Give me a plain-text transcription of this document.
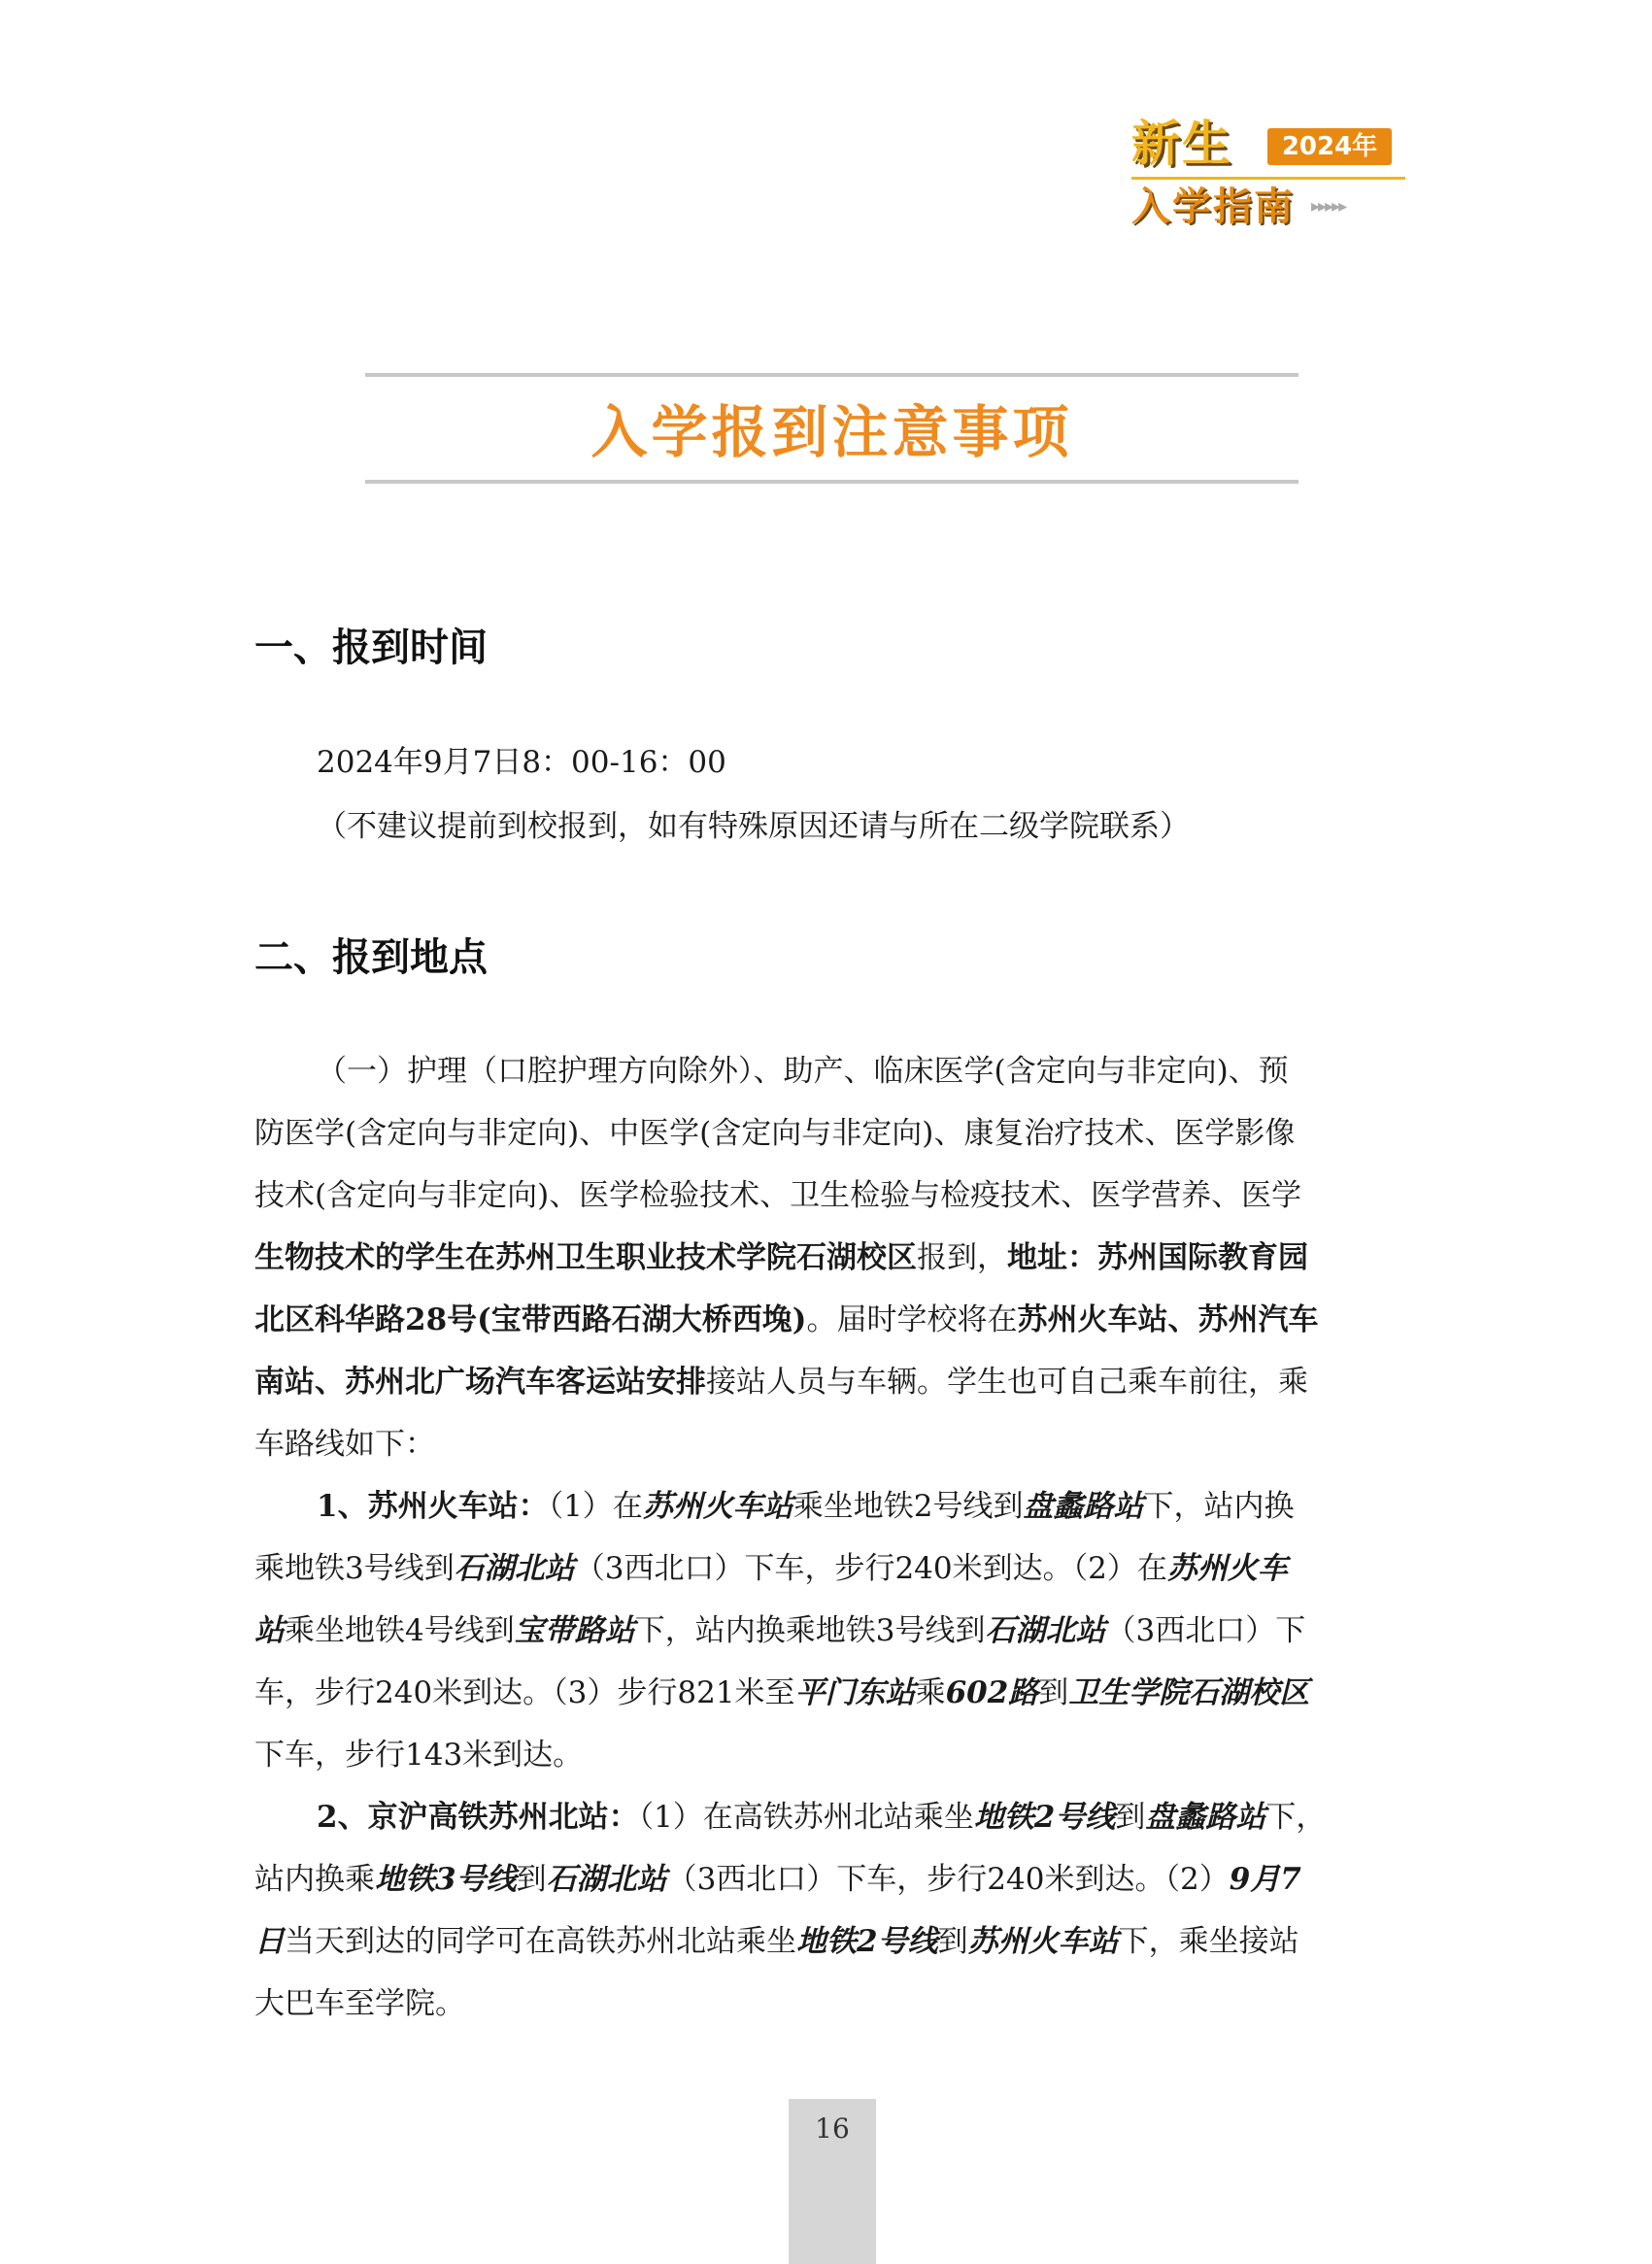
新生	2024年
入学指南 ▸▸▸▸▸
入学报到注意事项
一、报到时间
2024年9月7日8：00-16：00
（不建议提前到校报到，如有特殊原因还请与所在二级学院联系）
二、报到地点
（一）护理（口腔护理方向除外）、助产、临床医学(含定向与非定向)、预
防医学(含定向与非定向)、中医学(含定向与非定向)、康复治疗技术、医学影像
技术(含定向与非定向)、医学检验技术、卫生检验与检疫技术、医学营养、医学
生物技术的学生在苏州卫生职业技术学院石湖校区报到，地址：苏州国际教育园
北区科华路28号(宝带西路石湖大桥西堍)。届时学校将在苏州火车站、苏州汽车
南站、苏州北广场汽车客运站安排接站人员与车辆。学生也可自己乘车前往，乘
车路线如下：
1、苏州火车站：（1）在苏州火车站乘坐地铁2号线到盘蠡路站下，站内换
乘地铁3号线到石湖北站（3西北口）下车，步行240米到达。（2）在苏州火车
站乘坐地铁4号线到宝带路站下，站内换乘地铁3号线到石湖北站（3西北口）下
车，步行240米到达。（3）步行821米至平门东站乘602路到卫生学院石湖校区
下车，步行143米到达。
2、京沪高铁苏州北站：（1）在高铁苏州北站乘坐地铁2号线到盘蠡路站下，
站内换乘地铁3号线到石湖北站（3西北口）下车，步行240米到达。（2）9月7
日当天到达的同学可在高铁苏州北站乘坐地铁2号线到苏州火车站下，乘坐接站
大巴车至学院。
16
